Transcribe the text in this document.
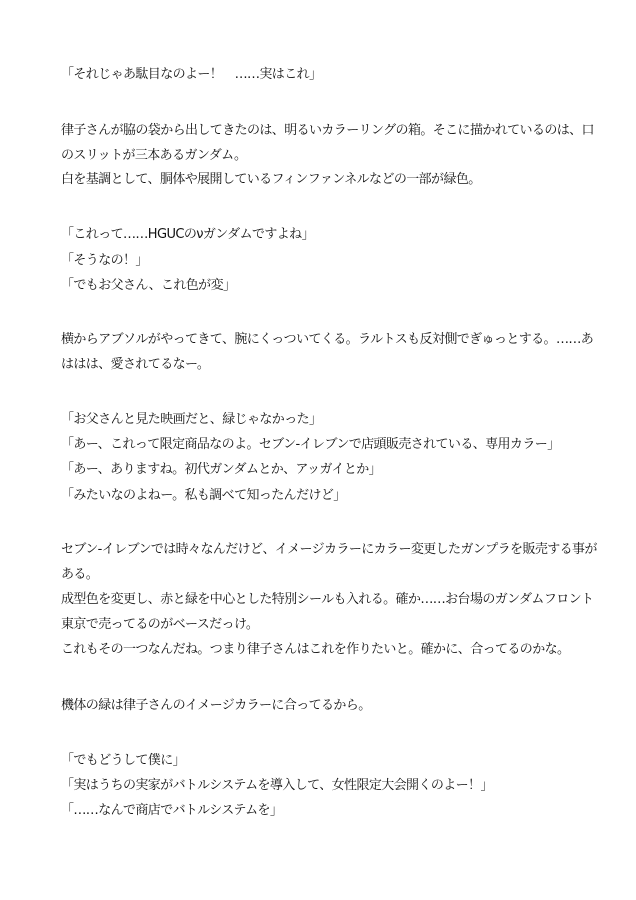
「それじゃあ駄目なのよー！　……実はこれ」
律子さんが脇の袋から出してきたのは、明るいカラーリングの箱。そこに描かれているのは、口
のスリットが三本あるガンダム。
白を基調として、胴体や展開しているフィンファンネルなどの一部が緑色。
「これって……HGUCのνガンダムですよね」
「そうなの！」
「でもお父さん、これ色が変」
横からアブソルがやってきて、腕にくっついてくる。ラルトスも反対側でぎゅっとする。……あ
ははは、愛されてるなー。
「お父さんと見た映画だと、緑じゃなかった」
「あー、これって限定商品なのよ。セブン-イレブンで店頭販売されている、専用カラー」
「あー、ありますね。初代ガンダムとか、アッガイとか」
「みたいなのよねー。私も調べて知ったんだけど」
セブン-イレブンでは時々なんだけど、イメージカラーにカラー変更したガンプラを販売する事が
ある。
成型色を変更し、赤と緑を中心とした特別シールも入れる。確か……お台場のガンダムフロント
東京で売ってるのがベースだっけ。
これもその一つなんだね。つまり律子さんはこれを作りたいと。確かに、合ってるのかな。
機体の緑は律子さんのイメージカラーに合ってるから。
「でもどうして僕に」
「実はうちの実家がバトルシステムを導入して、女性限定大会開くのよー！」
「……なんで商店でバトルシステムを」
